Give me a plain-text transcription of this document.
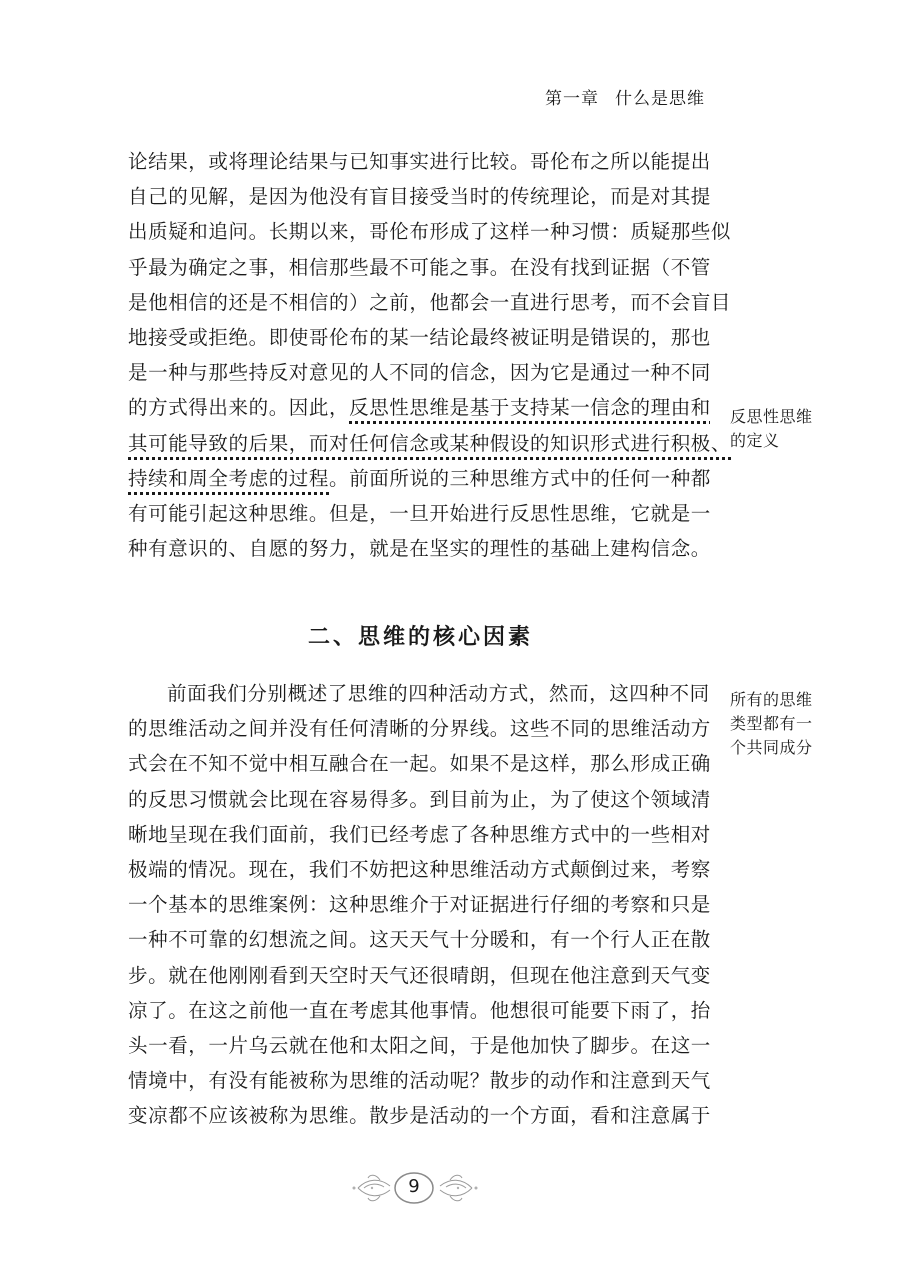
第一章 什么是思维
论结果，或将理论结果与已知事实进行比较。哥伦布之所以能提出
自己的见解，是因为他没有盲目接受当时的传统理论，而是对其提
出质疑和追问。长期以来，哥伦布形成了这样一种习惯：质疑那些似
乎最为确定之事，相信那些最不可能之事。在没有找到证据（不管
是他相信的还是不相信的）之前，他都会一直进行思考，而不会盲目
地接受或拒绝。即使哥伦布的某一结论最终被证明是错误的，那也
是一种与那些持反对意见的人不同的信念，因为它是通过一种不同
的方式得出来的。因此，反思性思维是基于支持某一信念的理由和
其可能导致的后果，而对任何信念或某种假设的知识形式进行积极、
持续和周全考虑的过程。前面所说的三种思维方式中的任何一种都
有可能引起这种思维。但是，一旦开始进行反思性思维，它就是一
种有意识的、自愿的努力，就是在坚实的理性的基础上建构信念。
反思性思维
的定义
二、思维的核心因素
前面我们分别概述了思维的四种活动方式，然而，这四种不同
的思维活动之间并没有任何清晰的分界线。这些不同的思维活动方
式会在不知不觉中相互融合在一起。如果不是这样，那么形成正确
的反思习惯就会比现在容易得多。到目前为止，为了使这个领域清
晰地呈现在我们面前，我们已经考虑了各种思维方式中的一些相对
极端的情况。现在，我们不妨把这种思维活动方式颠倒过来，考察
一个基本的思维案例：这种思维介于对证据进行仔细的考察和只是
一种不可靠的幻想流之间。这天天气十分暖和，有一个行人正在散
步。就在他刚刚看到天空时天气还很晴朗，但现在他注意到天气变
凉了。在这之前他一直在考虑其他事情。他想很可能要下雨了，抬
头一看，一片乌云就在他和太阳之间，于是他加快了脚步。在这一
情境中，有没有能被称为思维的活动呢？散步的动作和注意到天气
变凉都不应该被称为思维。散步是活动的一个方面，看和注意属于
所有的思维
类型都有一
个共同成分
9
